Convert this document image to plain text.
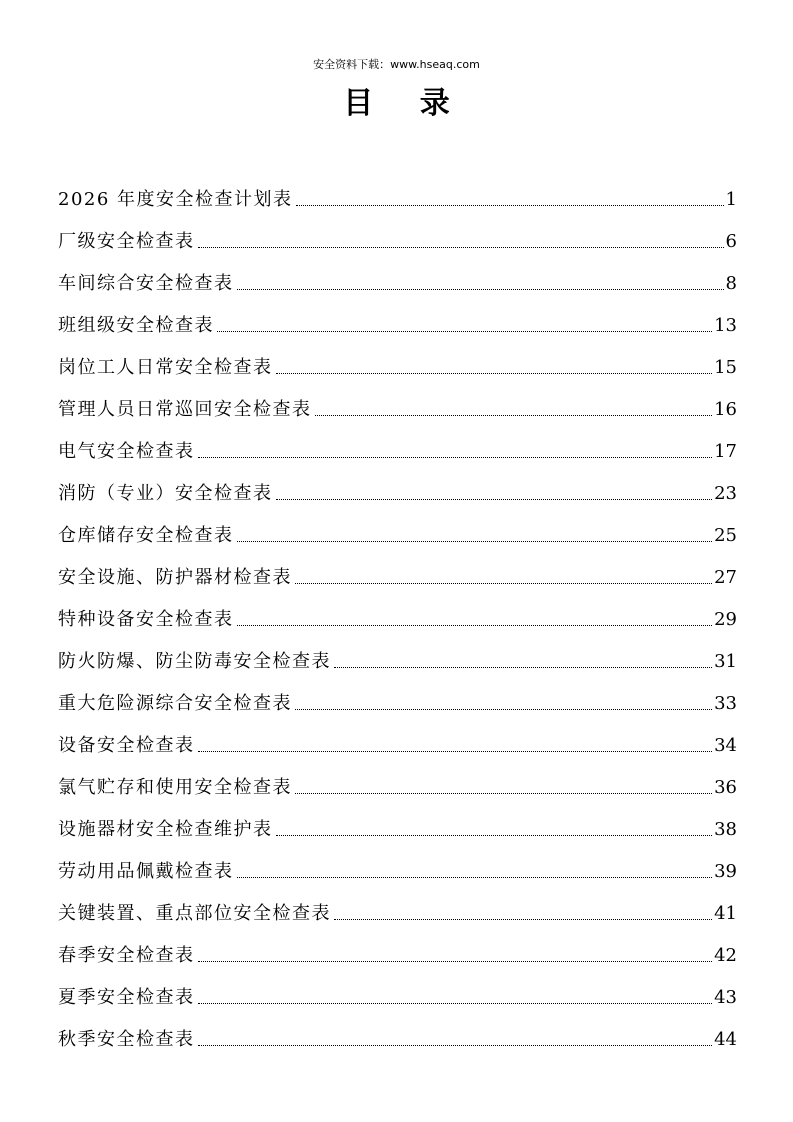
安全资料下载：www.hseaq.com
目 录
2026 年度安全检查计划表	1
厂级安全检查表	6
车间综合安全检查表	8
班组级安全检查表	13
岗位工人日常安全检查表	15
管理人员日常巡回安全检查表	16
电气安全检查表	17
消防（专业）安全检查表	23
仓库储存安全检查表	25
安全设施、防护器材检查表	27
特种设备安全检查表	29
防火防爆、防尘防毒安全检查表	31
重大危险源综合安全检查表	33
设备安全检查表	34
氯气贮存和使用安全检查表	36
设施器材安全检查维护表	38
劳动用品佩戴检查表	39
关键装置、重点部位安全检查表	41
春季安全检查表	42
夏季安全检查表	43
秋季安全检查表	44
